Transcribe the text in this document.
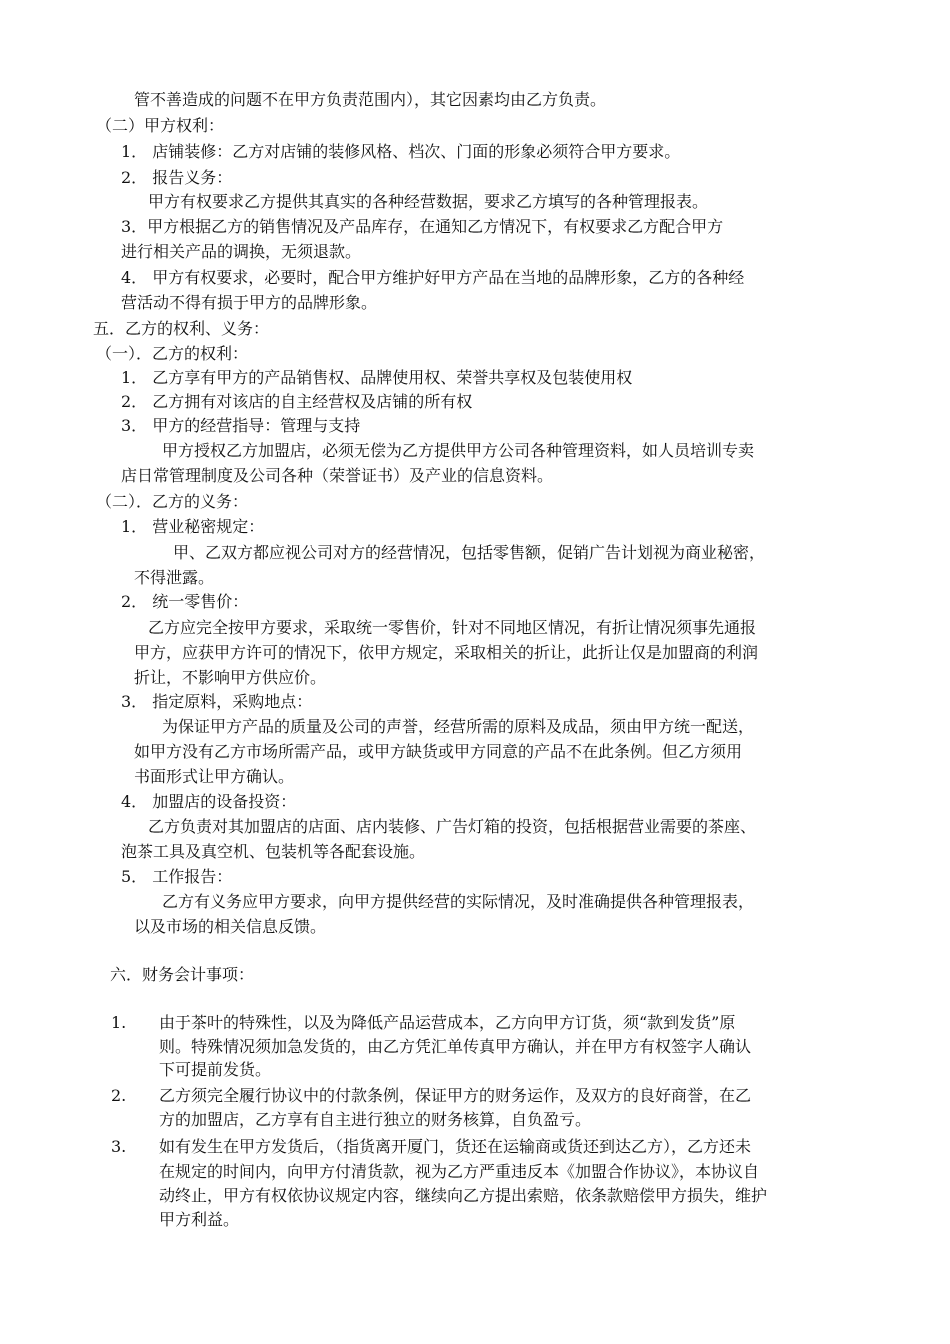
管不善造成的问题不在甲方负责范围内），其它因素均由乙方负责。
（二）甲方权利：
1． 店铺装修：乙方对店铺的装修风格、档次、门面的形象必须符合甲方要求。
2． 报告义务：
甲方有权要求乙方提供其真实的各种经营数据，要求乙方填写的各种管理报表。
3．甲方根据乙方的销售情况及产品库存，在通知乙方情况下，有权要求乙方配合甲方
进行相关产品的调换，无须退款。
4． 甲方有权要求，必要时，配合甲方维护好甲方产品在当地的品牌形象，乙方的各种经
营活动不得有损于甲方的品牌形象。
五．乙方的权利、义务：
（一）．乙方的权利：
1． 乙方享有甲方的产品销售权、品牌使用权、荣誉共享权及包装使用权
2． 乙方拥有对该店的自主经营权及店铺的所有权
3． 甲方的经营指导：管理与支持
甲方授权乙方加盟店，必须无偿为乙方提供甲方公司各种管理资料，如人员培训专卖
店日常管理制度及公司各种（荣誉证书）及产业的信息资料。
（二）．乙方的义务：
1． 营业秘密规定：
甲、乙双方都应视公司对方的经营情况，包括零售额，促销广告计划视为商业秘密，
不得泄露。
2． 统一零售价：
乙方应完全按甲方要求，采取统一零售价，针对不同地区情况，有折让情况须事先通报
甲方，应获甲方许可的情况下，依甲方规定，采取相关的折让，此折让仅是加盟商的利润
折让，不影响甲方供应价。
3． 指定原料，采购地点：
为保证甲方产品的质量及公司的声誉，经营所需的原料及成品，须由甲方统一配送，
如甲方没有乙方市场所需产品，或甲方缺货或甲方同意的产品不在此条例。但乙方须用
书面形式让甲方确认。
4． 加盟店的设备投资：
乙方负责对其加盟店的店面、店内装修、广告灯箱的投资，包括根据营业需要的茶座、
泡茶工具及真空机、包装机等各配套设施。
5． 工作报告：
乙方有义务应甲方要求，向甲方提供经营的实际情况，及时准确提供各种管理报表，
以及市场的相关信息反馈。
六．财务会计事项：
1. 由于茶叶的特殊性，以及为降低产品运营成本，乙方向甲方订货，须“款到发货”原
则。特殊情况须加急发货的，由乙方凭汇单传真甲方确认，并在甲方有权签字人确认
下可提前发货。
2. 乙方须完全履行协议中的付款条例，保证甲方的财务运作，及双方的良好商誉，在乙
方的加盟店，乙方享有自主进行独立的财务核算，自负盈亏。
3. 如有发生在甲方发货后，（指货离开厦门，货还在运输商或货还到达乙方），乙方还未
在规定的时间内，向甲方付清货款，视为乙方严重违反本《加盟合作协议》，本协议自
动终止，甲方有权依协议规定内容，继续向乙方提出索赔，依条款赔偿甲方损失，维护
甲方利益。
